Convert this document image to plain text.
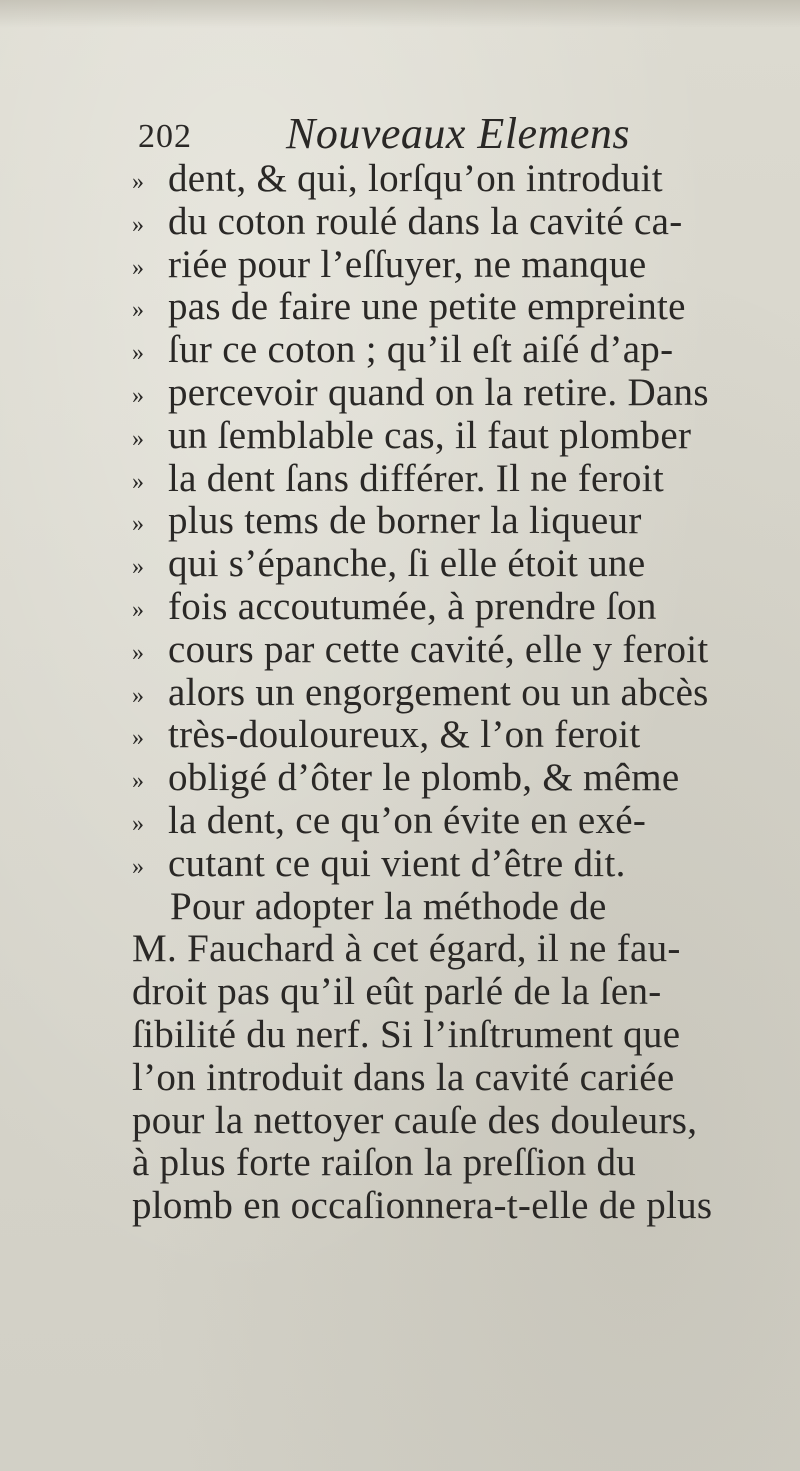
202 Nouveaux Elemens
» dent, & qui, lorſqu’on introduit
» du coton roulé dans la cavité ca-
» riée pour l’eſſuyer, ne manque
» pas de faire une petite empreinte
» ſur ce coton ; qu’il eſt aiſé d’ap-
» percevoir quand on la retire. Dans
» un ſemblable cas, il faut plomber
» la dent ſans différer. Il ne feroit
» plus tems de borner la liqueur
» qui s’épanche, ſi elle étoit une
» fois accoutumée, à prendre ſon
» cours par cette cavité, elle y feroit
» alors un engorgement ou un abcès
» très-douloureux, & l’on feroit
» obligé d’ôter le plomb, & même
» la dent, ce qu’on évite en exé-
» cutant ce qui vient d’être dit.
Pour adopter la méthode de
M. Fauchard à cet égard, il ne fau-
droit pas qu’il eût parlé de la ſen-
ſibilité du nerf. Si l’inſtrument que
l’on introduit dans la cavité cariée
pour la nettoyer cauſe des douleurs,
à plus forte raiſon la preſſion du
plomb en occaſionnera-t-elle de plus
